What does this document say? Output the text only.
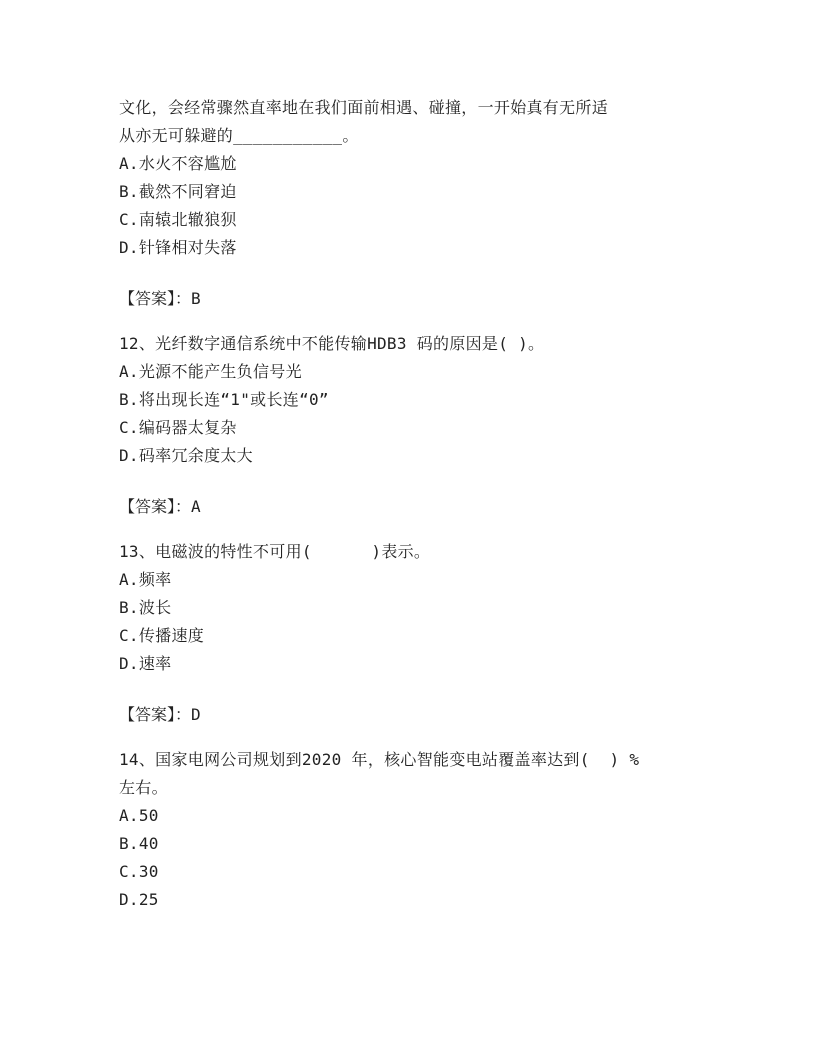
文化，会经常骤然直率地在我们面前相遇、碰撞，一开始真有无所适
从亦无可躲避的___________。
A.水火不容尴尬
B.截然不同窘迫
C.南辕北辙狼狈
D.针锋相对失落
【答案】：B
12、光纤数字通信系统中不能传输HDB3 码的原因是( )。
A.光源不能产生负信号光
B.将出现长连“1"或长连“0”
C.编码器太复杂
D.码率冗余度太大
【答案】：A
13、电磁波的特性不可用(      )表示。
A.频率
B.波长
C.传播速度
D.速率
【答案】：D
14、国家电网公司规划到2020 年，核心智能变电站覆盖率达到(  ) %
左右。
A.50
B.40
C.30
D.25
